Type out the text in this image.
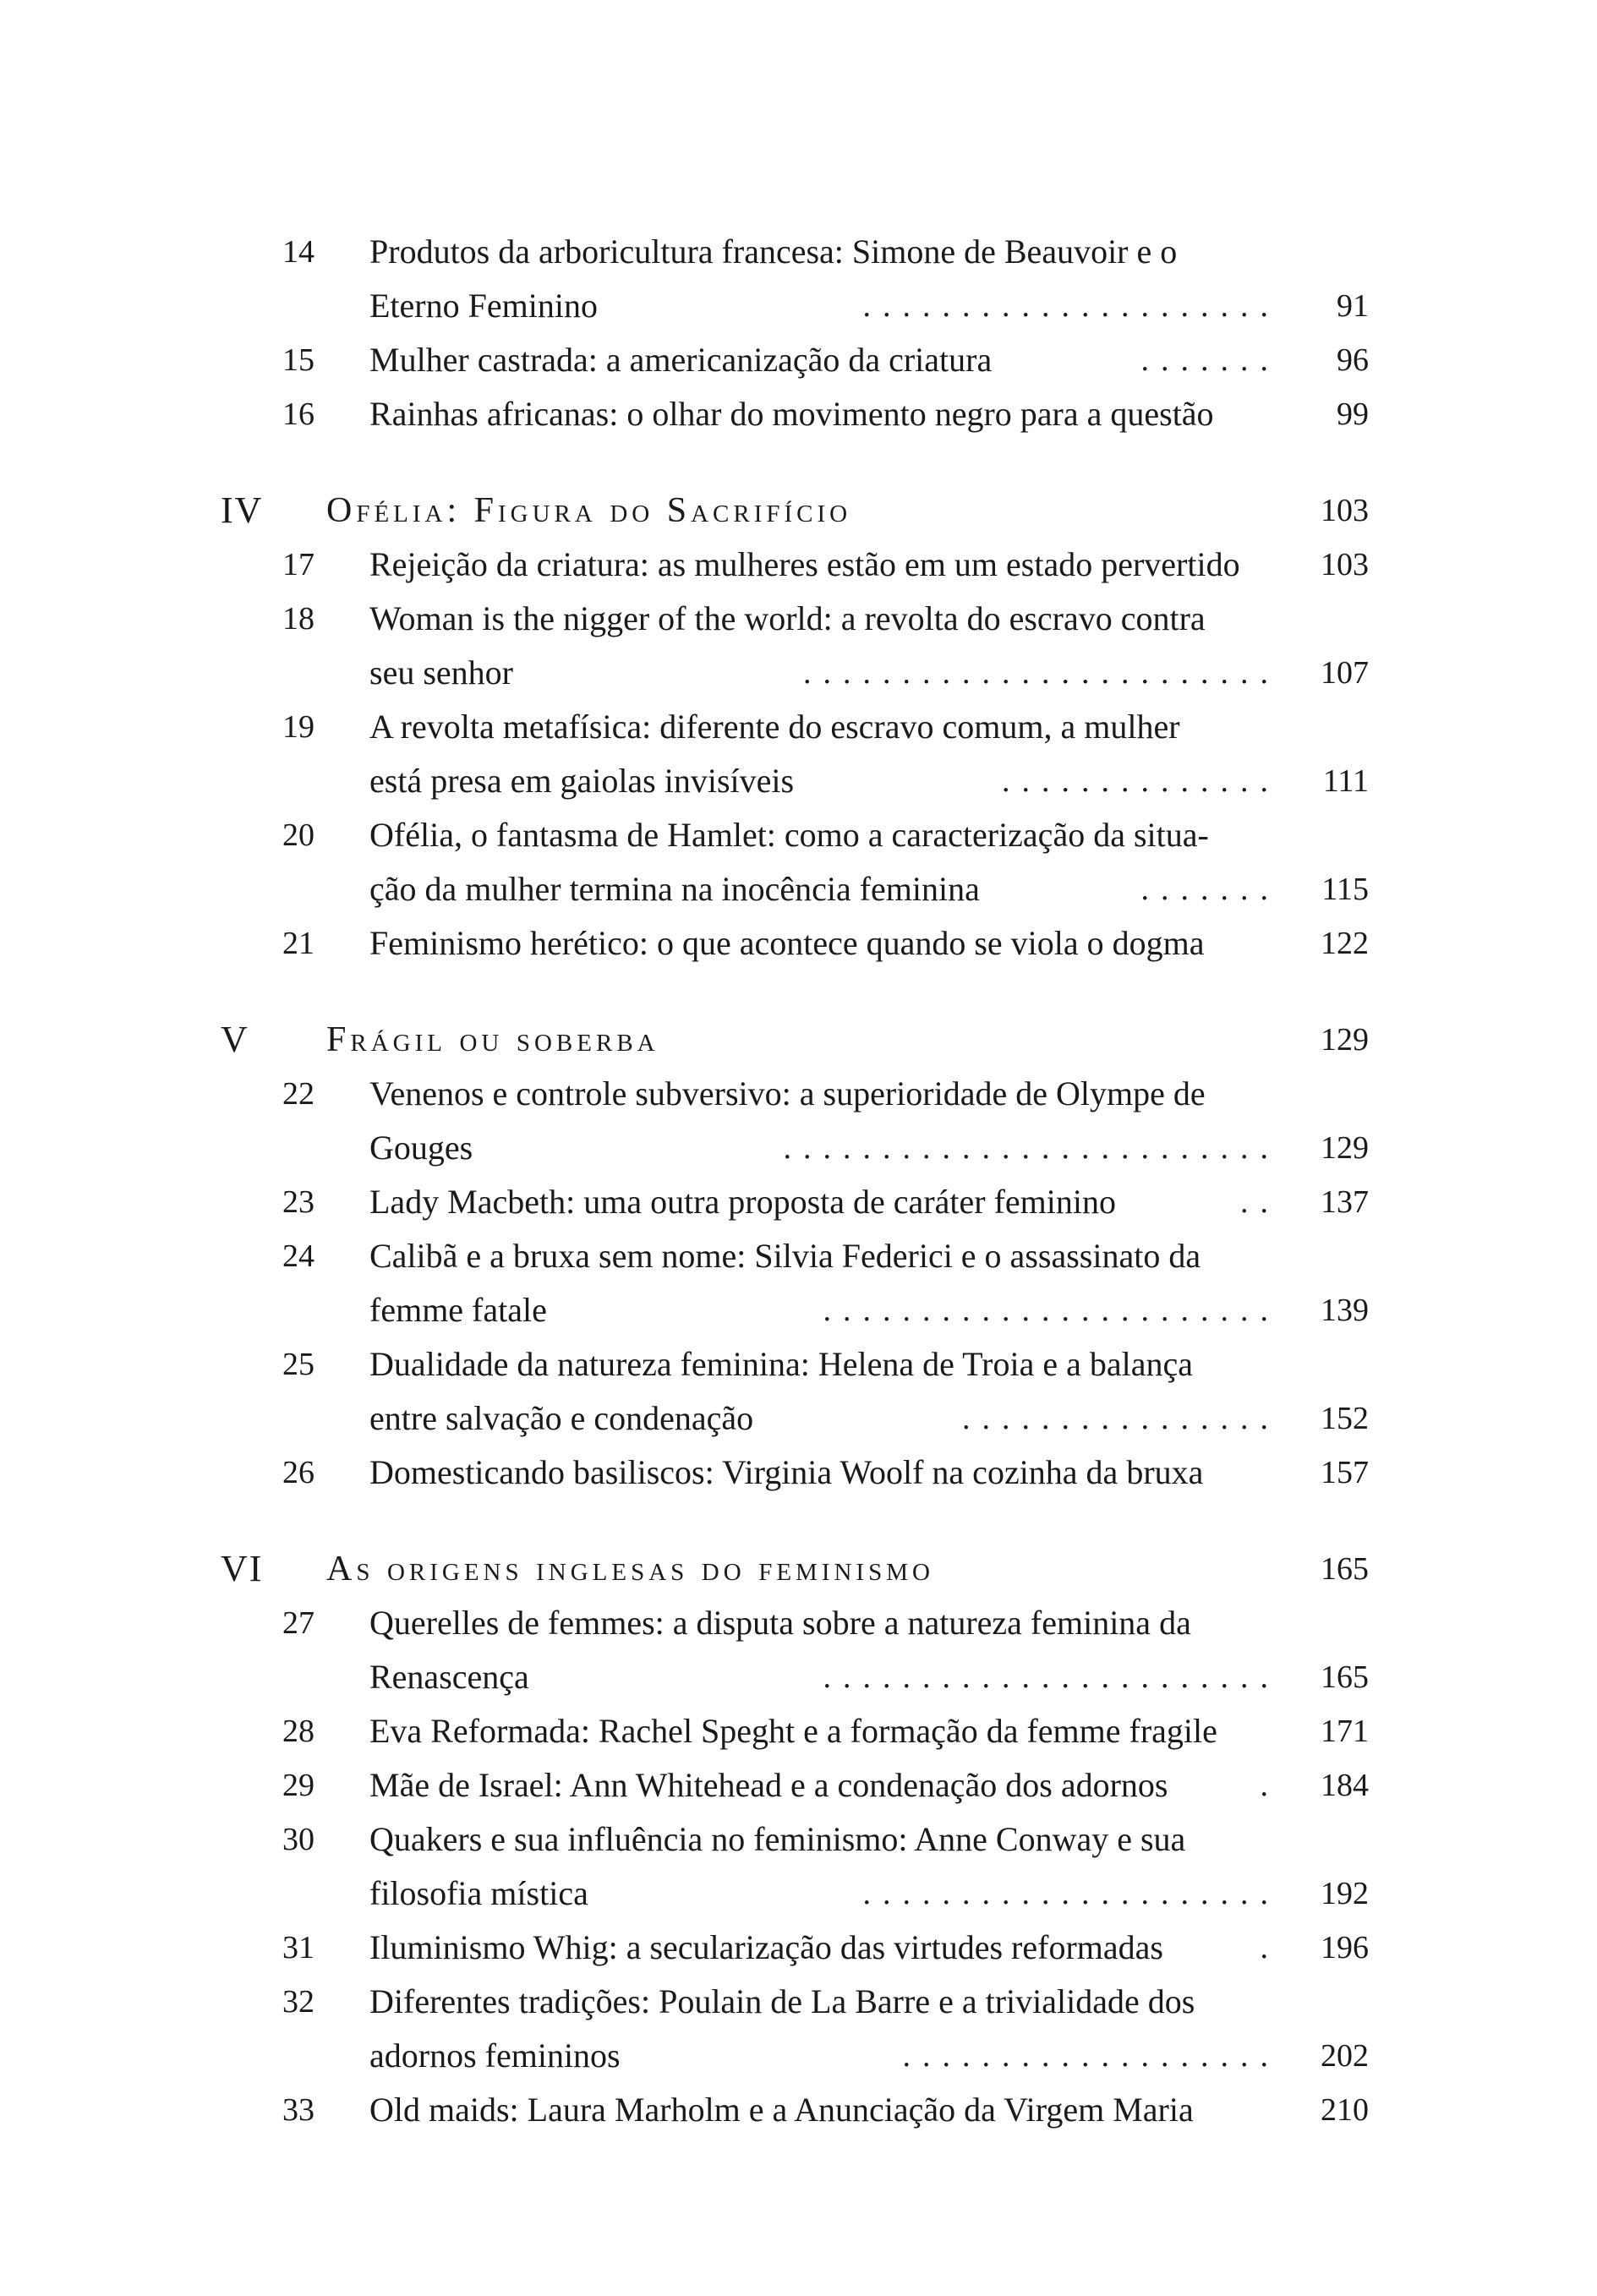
14	Produtos da arboricultura francesa: Simone de Beauvoir e o
Eterno Feminino	..................... 91
15	Mulher castrada: a americanização da criatura	....... 96
16	Rainhas africanas: o olhar do movimento negro para a questão	99
IV Ofélia: Figura do Sacrifício	103
17	Rejeição da criatura: as mulheres estão em um estado pervertido	103
18	Woman is the nigger of the world: a revolta do escravo contra
seu senhor	........................ 107
19	A revolta metafísica: diferente do escravo comum, a mulher
está presa em gaiolas invisíveis	.............. 111
20	Ofélia, o fantasma de Hamlet: como a caracterização da situa-
ção da mulher termina na inocência feminina	....... 115
21	Feminismo herético: o que acontece quando se viola o dogma	122
V Frágil ou soberba	129
22	Venenos e controle subversivo: a superioridade de Olympe de
Gouges	......................... 129
23	Lady Macbeth: uma outra proposta de caráter feminino	.. 137
24	Calibã e a bruxa sem nome: Silvia Federici e o assassinato da
femme fatale	....................... 139
25	Dualidade da natureza feminina: Helena de Troia e a balança
entre salvação e condenação	................ 152
26	Domesticando basiliscos: Virginia Woolf na cozinha da bruxa	157
VI As origens inglesas do feminismo	165
27	Querelles de femmes: a disputa sobre a natureza feminina da
Renascença	....................... 165
28	Eva Reformada: Rachel Speght e a formação da femme fragile	171
29	Mãe de Israel: Ann Whitehead e a condenação dos adornos	. 184
30	Quakers e sua influência no feminismo: Anne Conway e sua
filosofia mística	..................... 192
31	Iluminismo Whig: a secularização das virtudes reformadas	. 196
32	Diferentes tradições: Poulain de La Barre e a trivialidade dos
adornos femininos	................... 202
33	Old maids: Laura Marholm e a Anunciação da Virgem Maria	210
